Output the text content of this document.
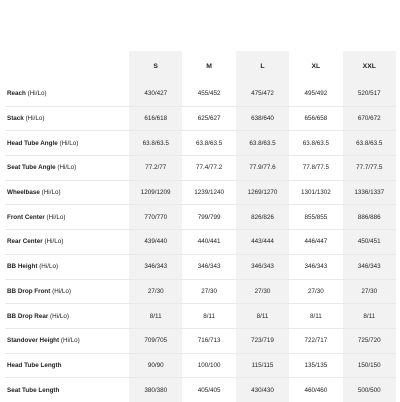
	S	M	L	XL	XXL
Reach (Hi/Lo)	430/427	455/452	475/472	495/492	520/517
Stack (Hi/Lo)	616/618	625/627	638/640	656/658	670/672
Head Tube Angle (Hi/Lo)	63.8/63.5	63.8/63.5	63.8/63.5	63.8/63.5	63.8/63.5
Seat Tube Angle (Hi/Lo)	77.2/77	77.4/77.2	77.9/77.6	77.8/77.5	77.7/77.5
Wheelbase (Hi/Lo)	1209/1209	1239/1240	1269/1270	1301/1302	1336/1337
Front Center (Hi/Lo)	770/770	799/799	826/826	855/855	886/886
Rear Center (Hi/Lo)	439/440	440/441	443/444	446/447	450/451
BB Height (Hi/Lo)	346/343	346/343	346/343	346/343	346/343
BB Drop Front (Hi/Lo)	27/30	27/30	27/30	27/30	27/30
BB Drop Rear (Hi/Lo)	8/11	8/11	8/11	8/11	8/11
Standover Height (Hi/Lo)	709/705	716/713	723/719	722/717	725/720
Head Tube Length	90/90	100/100	115/115	135/135	150/150
Seat Tube Length	380/380	405/405	430/430	460/460	500/500
